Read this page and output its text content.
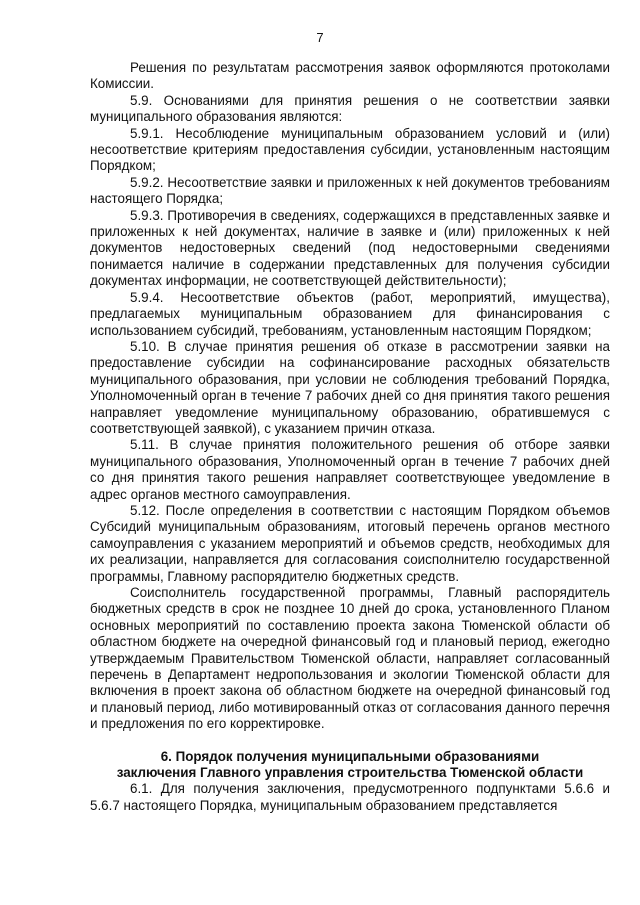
7

Решения по результатам рассмотрения заявок оформляются протоколами Комиссии.

5.9. Основаниями для принятия решения о не соответствии заявки муниципального образования являются:

5.9.1. Несоблюдение муниципальным образованием условий и (или) несоответствие критериям предоставления субсидии, установленным настоящим Порядком;

5.9.2. Несоответствие заявки и приложенных к ней документов требованиям настоящего Порядка;

5.9.3. Противоречия в сведениях, содержащихся в представленных заявке и приложенных к ней документах, наличие в заявке и (или) приложенных к ней документов недостоверных сведений (под недостоверными сведениями понимается наличие в содержании представленных для получения субсидии документах информации, не соответствующей действительности);

5.9.4. Несоответствие объектов (работ, мероприятий, имущества), предлагаемых муниципальным образованием для финансирования с использованием субсидий, требованиям, установленным настоящим Порядком;

5.10. В случае принятия решения об отказе в рассмотрении заявки на предоставление субсидии на софинансирование расходных обязательств муниципального образования, при условии не соблюдения требований Порядка, Уполномоченный орган в течение 7 рабочих дней со дня принятия такого решения направляет уведомление муниципальному образованию, обратившемуся с соответствующей заявкой), с указанием причин отказа.

5.11. В случае принятия положительного решения об отборе заявки муниципального образования, Уполномоченный орган в течение 7 рабочих дней со дня принятия такого решения направляет соответствующее уведомление в адрес органов местного самоуправления.

5.12. После определения в соответствии с настоящим Порядком объемов Субсидий муниципальным образованиям, итоговый перечень органов местного самоуправления с указанием мероприятий и объемов средств, необходимых для их реализации, направляется для согласования соисполнителю государственной программы, Главному распорядителю бюджетных средств.

Соисполнитель государственной программы, Главный распорядитель бюджетных средств в срок не позднее 10 дней до срока, установленного Планом основных мероприятий по составлению проекта закона Тюменской области об областном бюджете на очередной финансовый год и плановый период, ежегодно утверждаемым Правительством Тюменской области, направляет согласованный перечень в Департамент недропользования и экологии Тюменской области для включения в проект закона об областном бюджете на очередной финансовый год и плановый период, либо мотивированный отказ от согласования данного перечня и предложения по его корректировке.

6. Порядок получения муниципальными образованиями
заключения Главного управления строительства Тюменской области

6.1. Для получения заключения, предусмотренного подпунктами 5.6.6 и 5.6.7 настоящего Порядка, муниципальным образованием представляется
